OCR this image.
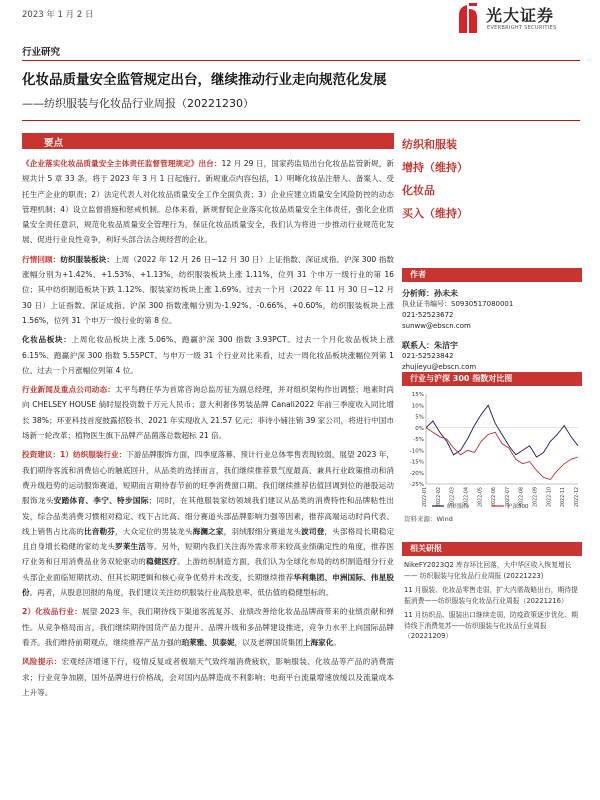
2023 年 1 月 2 日	光大证券
EVERBRIGHT SECURITIES
行业研究
化妆品质量安全监管规定出台，继续推动行业走向规范化发展
——纺织服装与化妆品行业周报（20221230）
要点

《企业落实化妆品质量安全主体责任监督管理规定》出台：12 月 29 日，国家药监局出台化妆品监管新规，新规共计 5 章 33 条，将于 2023 年 3 月 1 日起施行。新规重点内容包括，1）明晰化妆品注册人、备案人、受托生产企业的职责；2）法定代表人对化妆品质量安全工作全面负责；3）企业应建立质量安全风险防控的动态管理机制；4）设立监督措施和惩戒机制。总体来看，新规督促企业落实化妆品质量安全主体责任，强化企业质量安全责任意识，规范化妆品质量安全管理行为，保证化妆品质量安全，我们认为将进一步推动行业规范化发展、促进行业良性竞争，利好头部合法合规经营的企业。

行情回顾：纺织服装板块：上周（2022 年 12 月 26 日~12 月 30 日）上证指数、深证成指、沪深 300 指数涨幅分别为+1.42%、+1.53%、+1.13%，纺织服装板块上涨 1.11%，位列 31 个申万一级行业的第 16 位；其中纺织制造板块下跌 1.12%、服装家纺板块上涨 1.69%。过去一个月（2022 年 11 月 30 日~12 月 30 日）上证指数、深证成指、沪深 300 指数涨幅分别为-1.92%、-0.66%、+0.60%，纺织服装板块上涨 1.56%，位列 31 个申万一级行业的第 8 位。

化妆品板块：上周化妆品板块上涨 5.06%、跑赢沪深 300 指数 3.93PCT。过去一个月化妆品板块上涨 6.15%、跑赢沪深 300 指数 5.55PCT。与申万一级 31 个行业对比来看，过去一周化妆品板块涨幅位列第 1 位、过去一个月涨幅位列第 4 位。

行业新闻及重点公司动态：太平鸟聘任华为首席咨询总监厉征为副总经理，并对组织架构作出调整；地素时尚向 CHELSEY HOUSE 倘时屋投资数千万元人民币；意大利奢侈男装品牌 Canali2022 年前三季度收入同比增长 38%；环亚科技首度披露招股书、2021 年实现收入 21.57 亿元；菲诗小铺注销 39 家公司，将进行中国市场新一轮改革；植物医生旗下品牌产品菌落总数超标 21 倍。

投资建议：1）纺织服装行业：下游品牌服饰方面，四季度落幕、预计行业总体零售表现较弱，展望 2023 年，我们期待客流和消费信心的触底回升，从品类的选择而言，我们继续推荐景气度最高、兼具行业政策推动和消费升级趋势的运动服饰赛道，短期而言期待春节前的旺季消费窗口期。我们继续推荐估值回调到位的港股运动服饰龙头安踏体育、李宁、特步国际；同时，在其他服装家纺领域我们建议从品类的消费特性和品牌粘性出发，综合品类消费习惯相对稳定、线下占比高、细分赛道头部品牌影响力强等因素，推荐高端运动时尚代表、线上销售占比高的比音勒芬，大众定位的男装龙头海澜之家，羽绒服细分赛道龙头波司登，头部格局长期稳定且自身增长稳健的家纺龙头罗莱生活等。另外，短期内我们关注海外需求带来较高业绩确定性的角度，推荐医疗业务和日用消费品业务双轮驱动的稳健医疗。上游纺织制造方面，我们认为全球化布局的纺织制造细分行业头部企业面临短期扰动、但其长期逻辑和核心竞争优势并未改变，长期继续推荐华利集团、申洲国际、伟星股份。再者，从股息回报的角度，我们建议关注纺织服装行业高股息率、低估值的稳健型标的。

2）化妆品行业：展望 2023 年，我们期待线下渠道客流复苏、业绩改善给化妆品品牌商带来的业绩贡献和弹性。从竞争格局而言，我们继续期待国货产品力提升、品牌升级和多品牌建设推进，竞争力水平上向国际品牌看齐。我们维持前期观点，继续推荐产品力强的珀莱雅、贝泰妮，以及老牌国货集团上海家化。

风险提示：宏观经济增速下行，疫情反复或者极端天气致终端消费疲软，影响服装、化妆品等产品的消费需求；行业竞争加剧，国外品牌进行价格战，会对国内品牌造成不利影响；电商平台流量增速放缓以及流量成本上升等。

纺织和服装
增持（维持）
化妆品
买入（维持）
作者
分析师：孙未未
执业证书编号：S0930517080001
021-52523672
sunww@ebscn.com
联系人：朱洁宇
021-52523842
zhujieyu@ebscn.com
行业与沪深 300 指数对比图
-25%
-20%
-15%
-10%
-5%
0%
5%
10%
15%
2022-01 2022-02 2022-03 2022-04 2022-05 2022-06 2022-07 2022-08 2022-09 2022-10 2022-11 2022-12
纺织服饰	沪深300
资料来源：Wind
相关研报

NikeFY2023Q2 库存环比回落，大中华区收入恢复增长 —— 纺织服装与化妆品行业周报 (20221223)

11 月服装、化妆品零售走弱，扩大内需战略出台，期待提振消费——纺织服装与化妆品行业周报（20221216）

11 月纺织品、服装出口继续走弱，防疫政策逐步优化、期待线下消费复苏——纺织服装与化妆品行业周报（20221209）
